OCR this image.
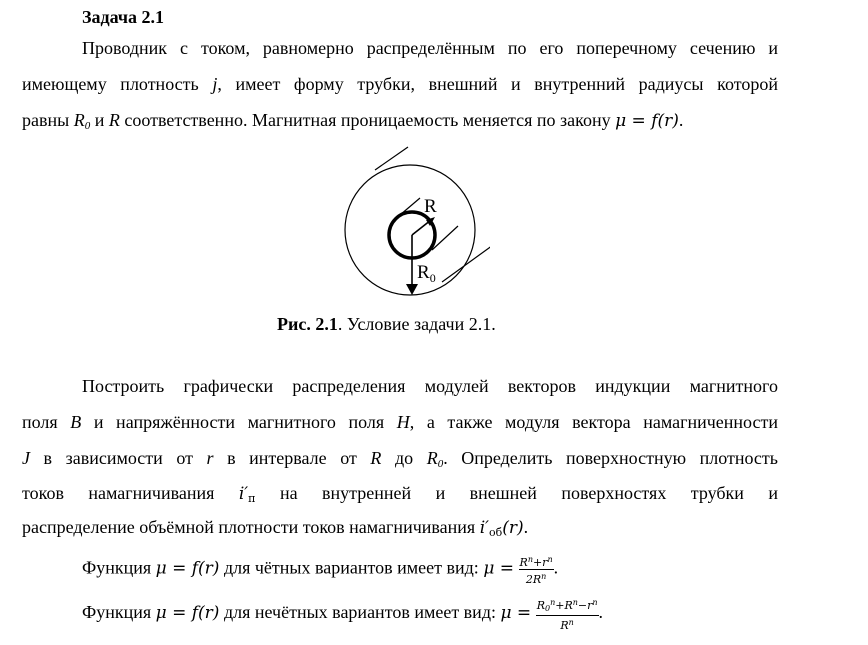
Задача 2.1
Проводник с током, равномерно распределённым по его поперечному сечению и
имеющему плотность j, имеет форму трубки, внешний и внутренний радиусы которой
равны $R_0$ и R соответственно. Магнитная проницаемость меняется по закону μ = f(r).
R
$R_0$
Рис. 2.1. Условие задачи 2.1.
Построить графически распределения модулей векторов индукции магнитного
поля B и напряжённости магнитного поля H, а также модуля вектора намагниченности
J в зависимости от r в интервале от R до $R_0$. Определить поверхностную плотность
токов намагничивания $i'_п$ на внутренней и внешней поверхностях трубки и
распределение объёмной плотности токов намагничивания $i'_{об}(r)$.
Функция μ = f(r) для чётных вариантов имеет вид: $\mu = \frac{R^n+r^n}{2R^n}$ .
Функция μ = f(r) для нечётных вариантов имеет вид: $\mu = \frac{R0^n+R^n-r^n}{R^n}$ .
